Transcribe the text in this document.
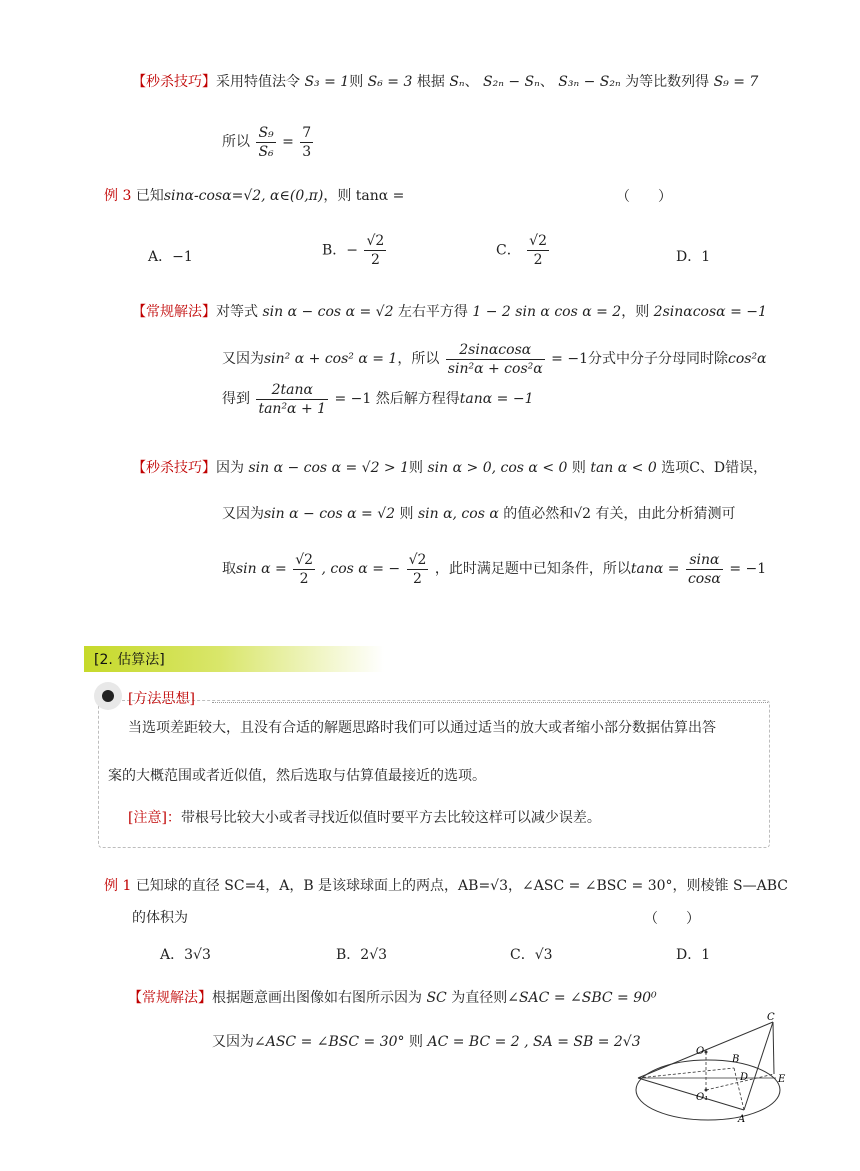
【秒杀技巧】采用特值法令 S₃ = 1则 S₆ = 3 根据 Sₙ、 S₂ₙ − Sₙ、 S₃ₙ − S₂ₙ 为等比数列得 S₉ = 7
所以 $\frac{\text{S₉}}{\text{S₆}} = \frac{7}{3}$
例 3 已知sinα-cosα=√2, α∈(0,π)，则 tanα =	（　　）
A．−1	B．− $\frac{√2}{2}$	C． $\frac{√2}{2}$	D．1
【常规解法】对等式 sin α − cos α = √2 左右平方得 1 − 2 sin α cos α = 2，则 2sinαcosα = −1
又因为sin² α + cos² α = 1，所以 $\frac{2\sin\alpha\cos\alpha}{\text{sin²α + cos²α}} = -1$分式中分子分母同时除cos²α
得到 $\frac{2\tan\alpha}{\text{tan²α + 1}} = -1$ 然后解方程得tanα = −1
【秒杀技巧】因为 sin α − cos α = √2 > 1则 sin α > 0, cos α < 0 则 tan α < 0 选项C、D错误，
又因为sin α − cos α = √2 则 sin α, cos α 的值必然和√2 有关，由此分析猜测可
取$\sin \alpha = \frac{√2}{2}$ , cos α = − $\frac{√2}{2}$ ，此时满足题中已知条件，所以$\tan\alpha = \frac{\sin\alpha}{\cos\alpha} = -1$
[2. 估算法]
[方法思想]
当选项差距较大，且没有合适的解题思路时我们可以通过适当的放大或者缩小部分数据估算出答
案的大概范围或者近似值，然后选取与估算值最接近的选项。
[注意]：带根号比较大小或者寻找近似值时要平方去比较这样可以减少误差。
例 1 已知球的直径 SC=4，A，B 是该球球面上的两点，AB=√3，∠ASC = ∠BSC = 30°，则棱锥 S—ABC
的体积为	（　　）
A．3√3	B．2√3	C．√3	D．1
【常规解法】根据题意画出图像如右图所示因为 SC 为直径则∠SAC = ∠SBC = 90⁰
又因为∠ASC = ∠BSC = 30° 则 AC = BC = 2 , SA = SB = 2√3
C
O
B
D
O₁
E
A
